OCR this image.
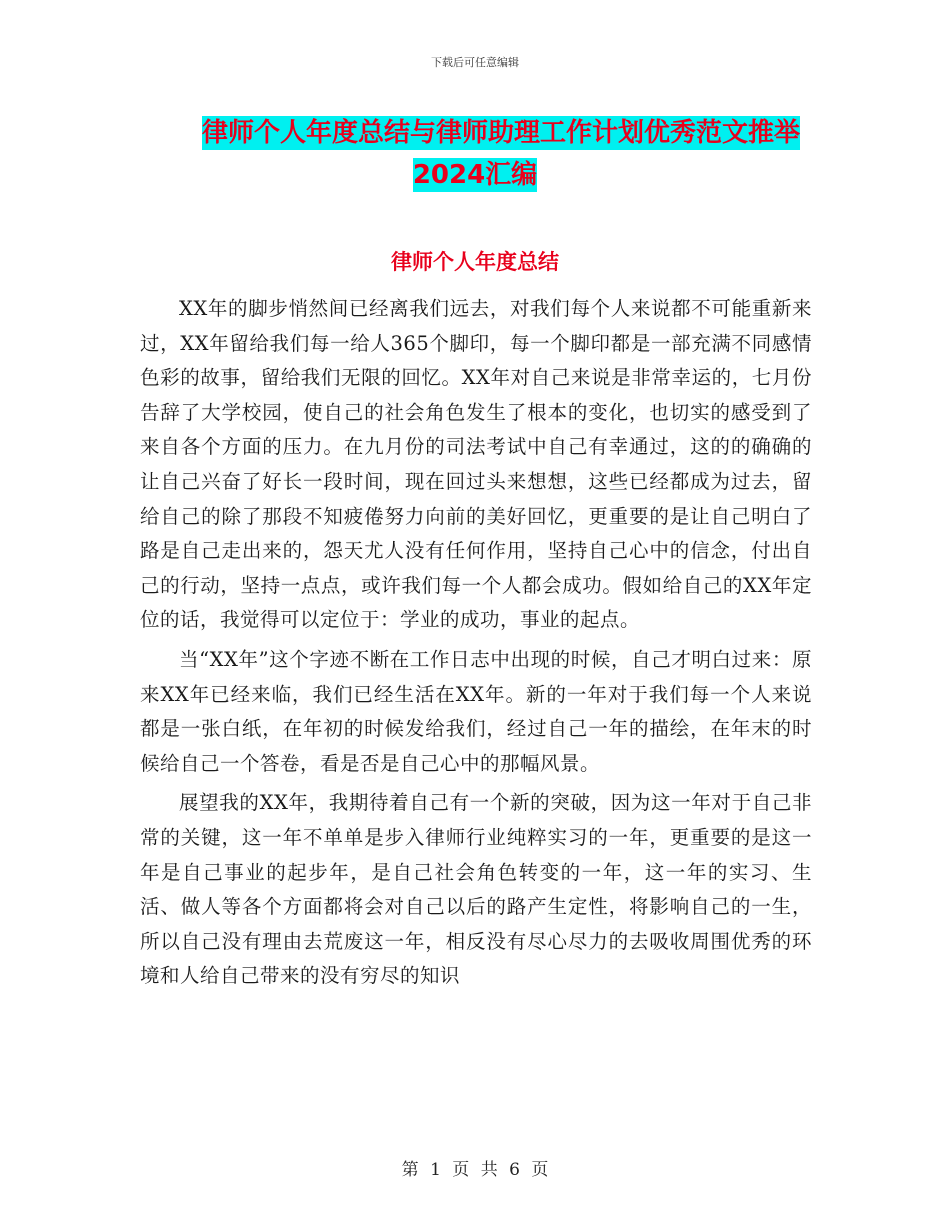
下载后可任意编辑
律师个人年度总结与律师助理工作计划优秀范文推举
2024汇编
律师个人年度总结

XX年的脚步悄然间已经离我们远去，对我们每个人来说都不可能重新来过，XX年留给我们每一给人365个脚印，每一个脚印都是一部充满不同感情色彩的故事，留给我们无限的回忆。XX年对自己来说是非常幸运的，七月份告辞了大学校园，使自己的社会角色发生了根本的变化，也切实的感受到了来自各个方面的压力。在九月份的司法考试中自己有幸通过，这的的确确的让自己兴奋了好长一段时间，现在回过头来想想，这些已经都成为过去，留给自己的除了那段不知疲倦努力向前的美好回忆，更重要的是让自己明白了路是自己走出来的，怨天尤人没有任何作用，坚持自己心中的信念，付出自己的行动，坚持一点点，或许我们每一个人都会成功。假如给自己的XX年定位的话，我觉得可以定位于：学业的成功，事业的起点。

当“XX年”这个字迹不断在工作日志中出现的时候，自己才明白过来：原来XX年已经来临，我们已经生活在XX年。新的一年对于我们每一个人来说都是一张白纸，在年初的时候发给我们，经过自己一年的描绘，在年末的时候给自己一个答卷，看是否是自己心中的那幅风景。

展望我的XX年，我期待着自己有一个新的突破，因为这一年对于自己非常的关键，这一年不单单是步入律师行业纯粹实习的一年，更重要的是这一年是自己事业的起步年，是自己社会角色转变的一年，这一年的实习、生活、做人等各个方面都将会对自己以后的路产生定性，将影响自己的一生，所以自己没有理由去荒废这一年，相反没有尽心尽力的去吸收周围优秀的环境和人给自己带来的没有穷尽的知识

第 1 页 共 6 页
